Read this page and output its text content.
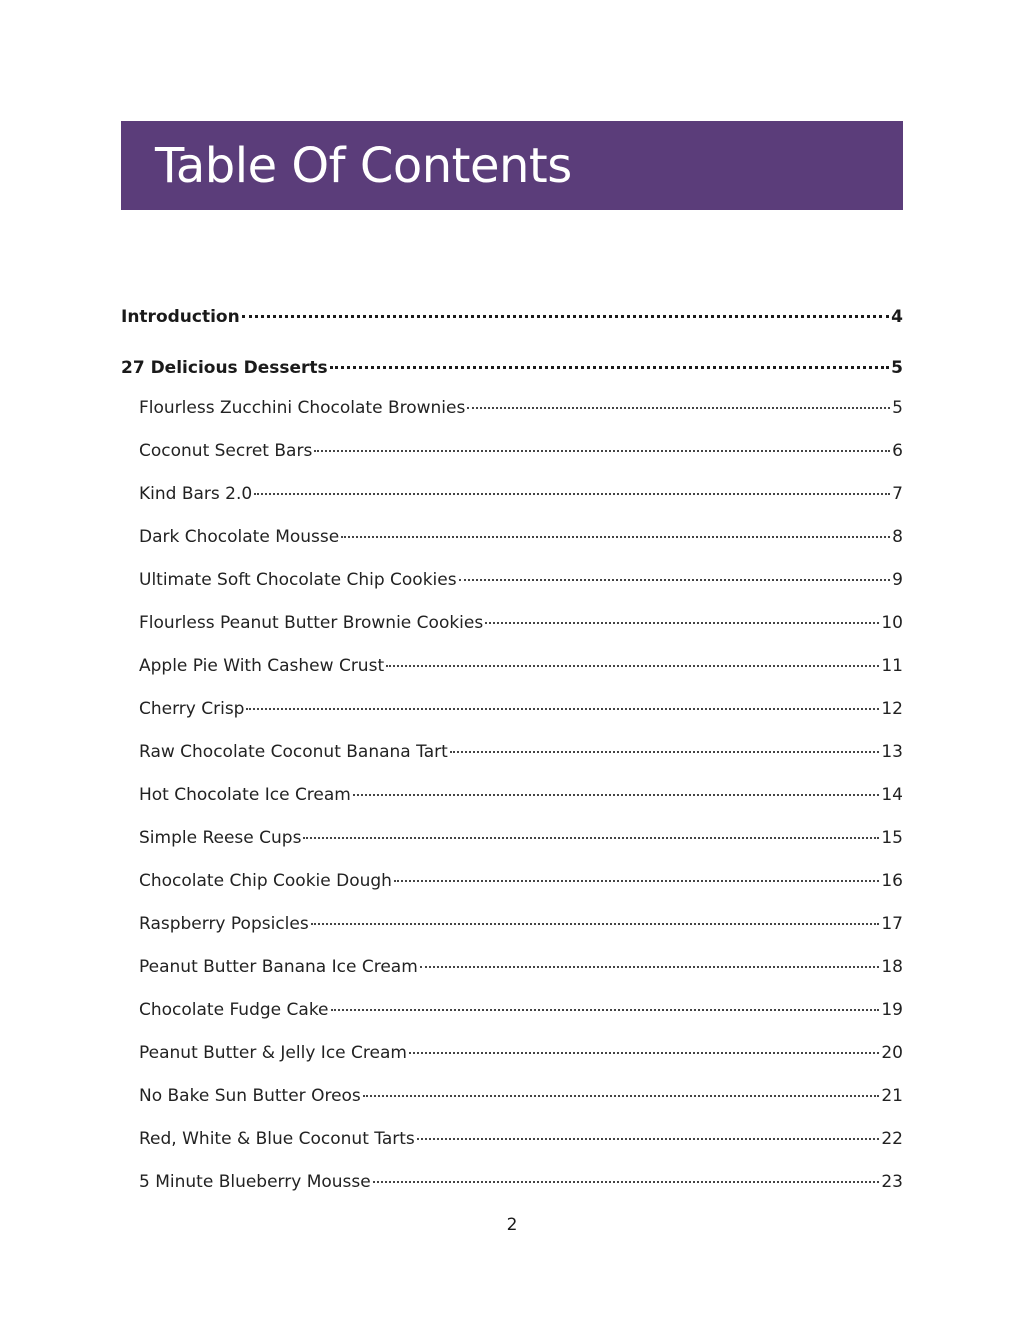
Table Of Contents
Introduction	4
27 Delicious Desserts	5
Flourless Zucchini Chocolate Brownies	5
Coconut Secret Bars	6
Kind Bars 2.0	7
Dark Chocolate Mousse	8
Ultimate Soft Chocolate Chip Cookies	9
Flourless Peanut Butter Brownie Cookies	10
Apple Pie With Cashew Crust	11
Cherry Crisp	12
Raw Chocolate Coconut Banana Tart	13
Hot Chocolate Ice Cream	14
Simple Reese Cups	15
Chocolate Chip Cookie Dough	16
Raspberry Popsicles	17
Peanut Butter Banana Ice Cream	18
Chocolate Fudge Cake	19
Peanut Butter & Jelly Ice Cream	20
No Bake Sun Butter Oreos	21
Red, White & Blue Coconut Tarts	22
5 Minute Blueberry Mousse	23
2
